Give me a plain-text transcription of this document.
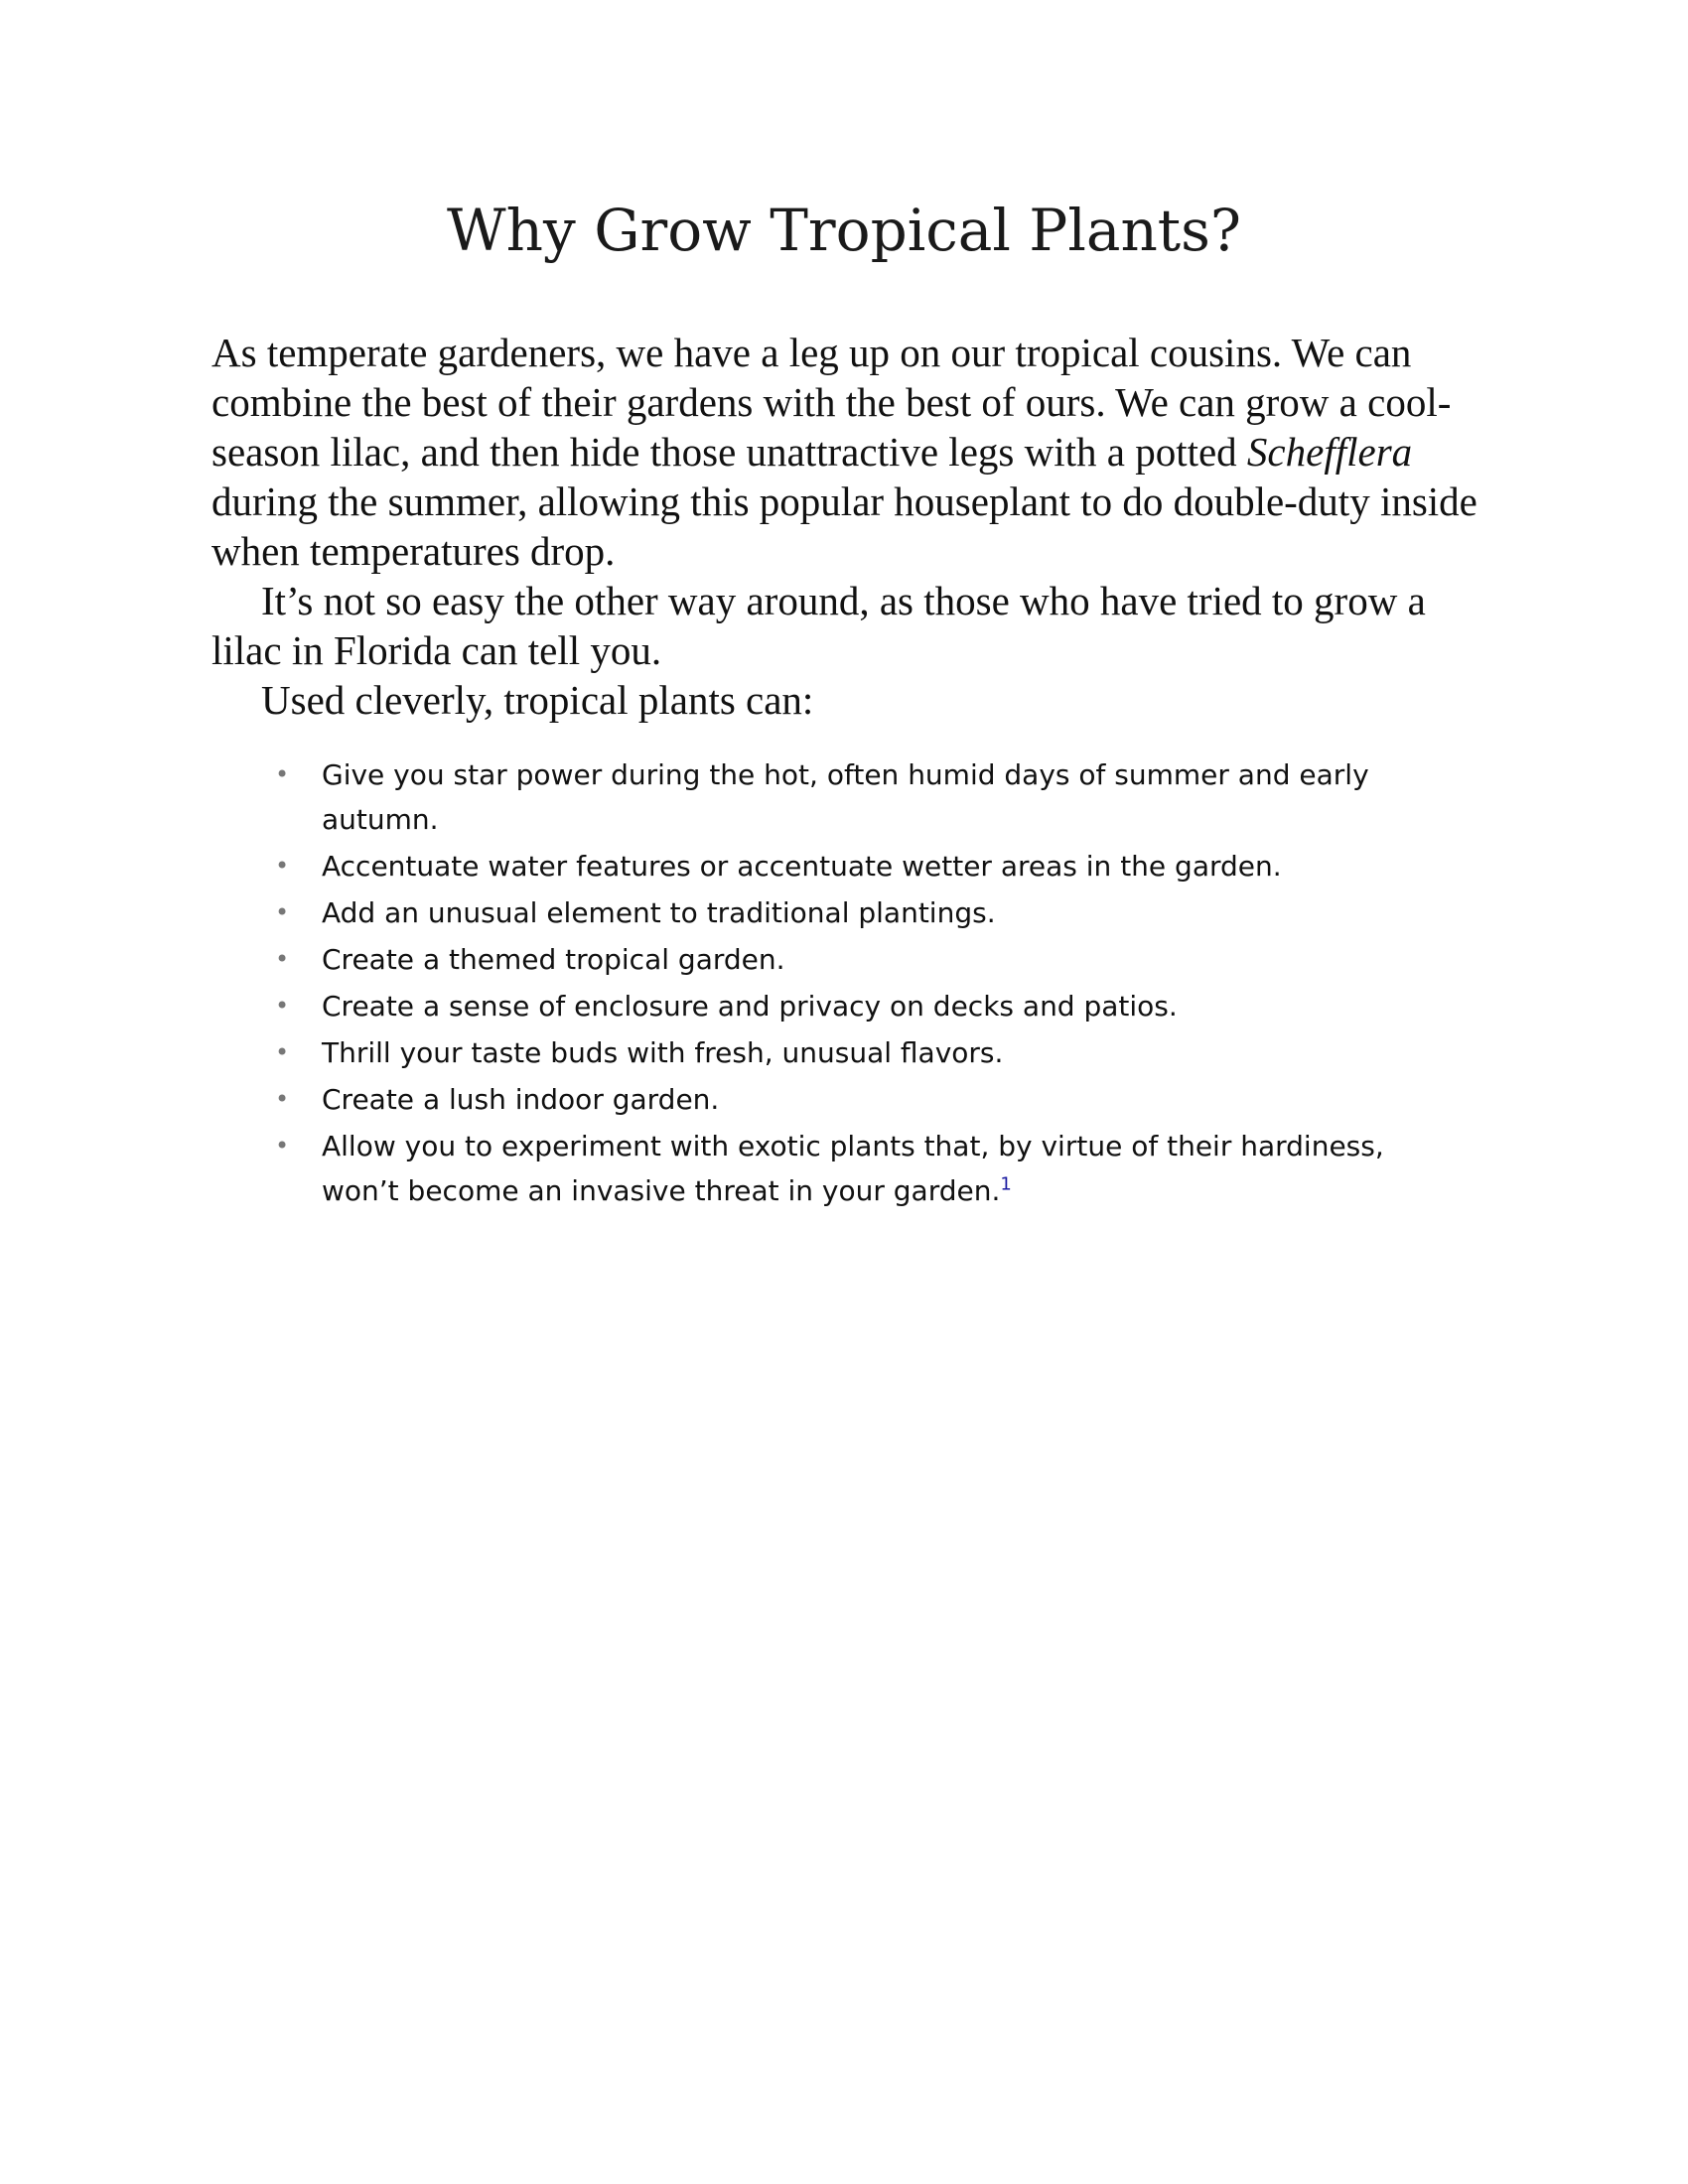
Why Grow Tropical Plants?

As temperate gardeners, we have a leg up on our tropical cousins. We can combine the best of their gardens with the best of ours. We can grow a cool-season lilac, and then hide those unattractive legs with a potted Schefflera during the summer, allowing this popular houseplant to do double-duty inside when temperatures drop.

It’s not so easy the other way around, as those who have tried to grow a lilac in Florida can tell you.

Used cleverly, tropical plants can:

• Give you star power during the hot, often humid days of summer and early autumn.
• Accentuate water features or accentuate wetter areas in the garden.
• Add an unusual element to traditional plantings.
• Create a themed tropical garden.
• Create a sense of enclosure and privacy on decks and patios.
• Thrill your taste buds with fresh, unusual flavors.
• Create a lush indoor garden.
• Allow you to experiment with exotic plants that, by virtue of their hardiness, won’t become an invasive threat in your garden.$^1$
